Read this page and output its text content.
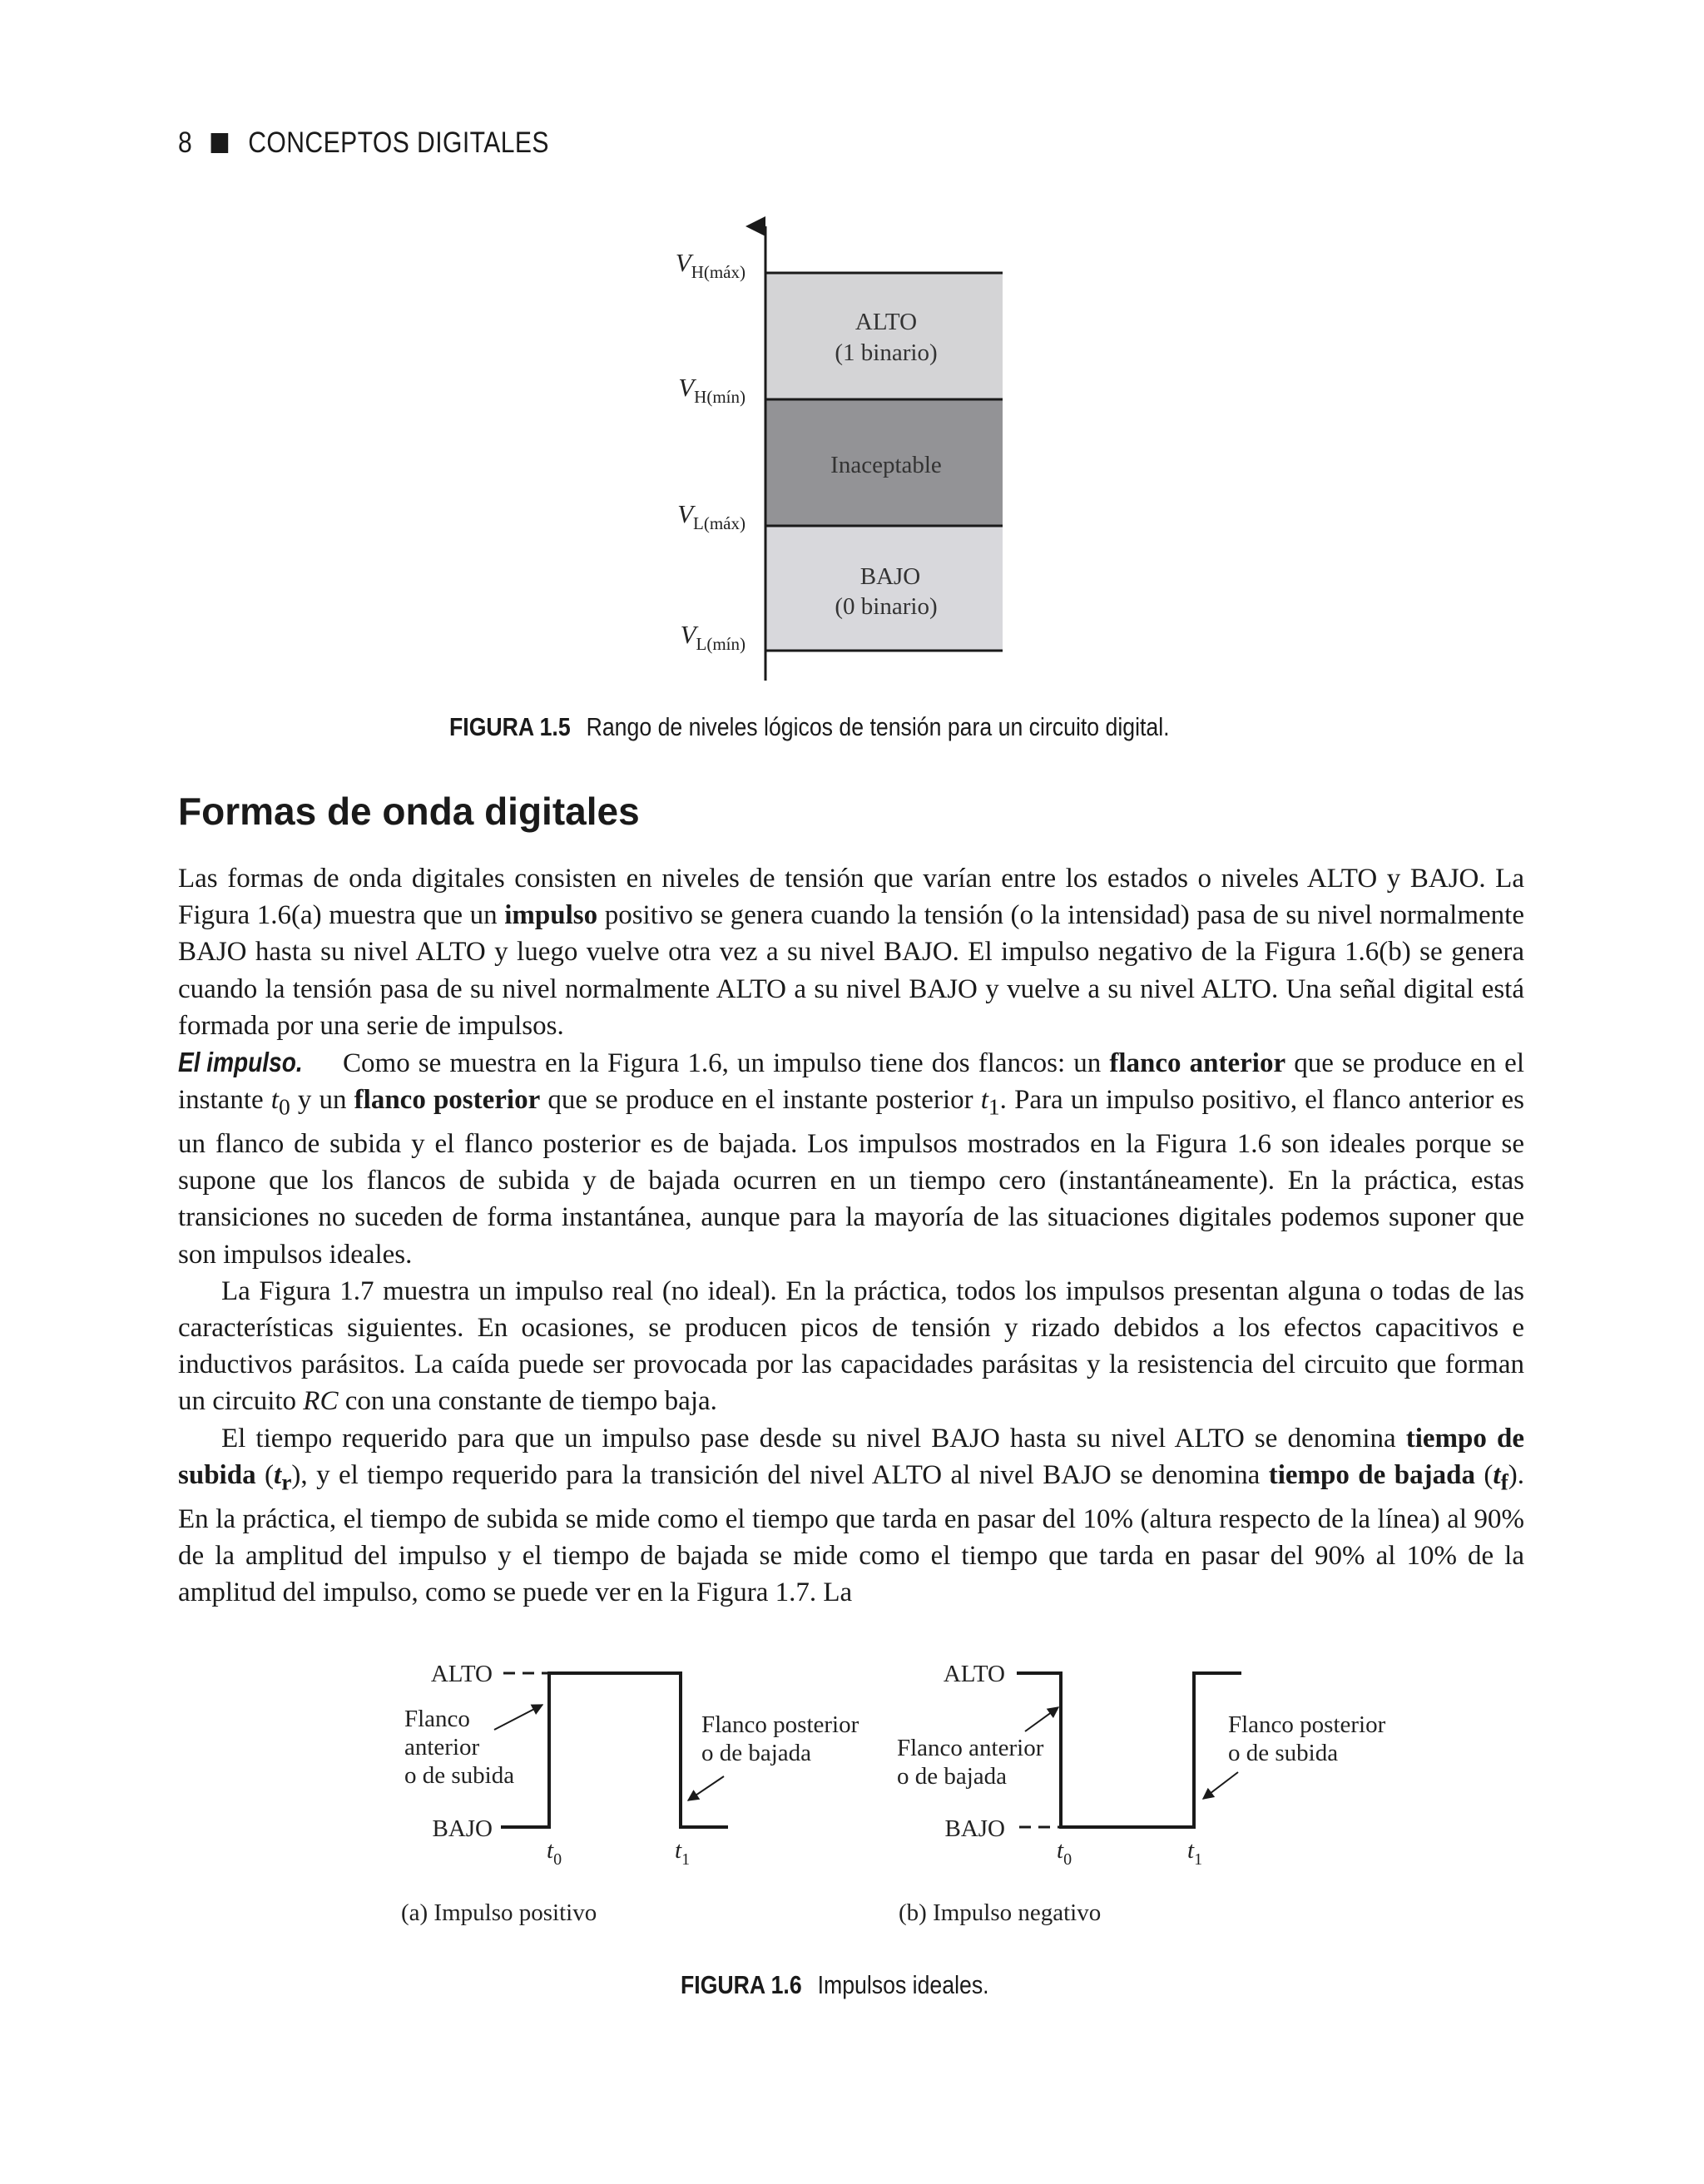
8 CONCEPTOS DIGITALES
$V_{H(máx)}$
$V_{H(mín)}$
$V_{L(máx)}$
$V_{L(mín)}$
ALTO
(1 binario)
Inaceptable
BAJO
(0 binario)
FIGURA 1.5 Rango de niveles lógicos de tensión para un circuito digital.
Formas de onda digitales

Las formas de onda digitales consisten en niveles de tensión que varían entre los estados o niveles ALTO y BAJO. La Figura 1.6(a) muestra que un impulso positivo se genera cuando la tensión (o la intensidad) pasa de su nivel normalmente BAJO hasta su nivel ALTO y luego vuelve otra vez a su nivel BAJO. El impulso negativo de la Figura 1.6(b) se genera cuando la tensión pasa de su nivel normalmente ALTO a su nivel BAJO y vuelve a su nivel ALTO. Una señal digital está formada por una serie de impulsos.

El impulso. Como se muestra en la Figura 1.6, un impulso tiene dos flancos: un flanco anterior que se produce en el instante $t_0$ y un flanco posterior que se produce en el instante posterior $t_1$. Para un impulso positivo, el flanco anterior es un flanco de subida y el flanco posterior es de bajada. Los impulsos mostrados en la Figura 1.6 son ideales porque se supone que los flancos de subida y de bajada ocurren en un tiempo cero (instantáneamente). En la práctica, estas transiciones no suceden de forma instantánea, aunque para la mayoría de las situaciones digitales podemos suponer que son impulsos ideales.

La Figura 1.7 muestra un impulso real (no ideal). En la práctica, todos los impulsos presentan alguna o todas de las características siguientes. En ocasiones, se producen picos de tensión y rizado debidos a los efectos capacitivos e inductivos parásitos. La caída puede ser provocada por las capacidades parásitas y la resistencia del circuito que forman un circuito RC con una constante de tiempo baja.

El tiempo requerido para que un impulso pase desde su nivel BAJO hasta su nivel ALTO se denomina tiempo de subida $(t_r)$, y el tiempo requerido para la transición del nivel ALTO al nivel BAJO se denomina tiempo de bajada $(t_f)$. En la práctica, el tiempo de subida se mide como el tiempo que tarda en pasar del 10% (altura respecto de la línea) al 90% de la amplitud del impulso y el tiempo de bajada se mide como el tiempo que tarda en pasar del 90% al 10% de la amplitud del impulso, como se puede ver en la Figura 1.7. La

ALTO
BAJO
Flanco
anterior
o de subida
Flanco posterior
o de bajada
$t_0$	$t_1$
(a) Impulso positivo
ALTO
BAJO
Flanco anterior
o de bajada
Flanco posterior
o de subida
$t_0$	$t_1$
(b) Impulso negativo
FIGURA 1.6 Impulsos ideales.
